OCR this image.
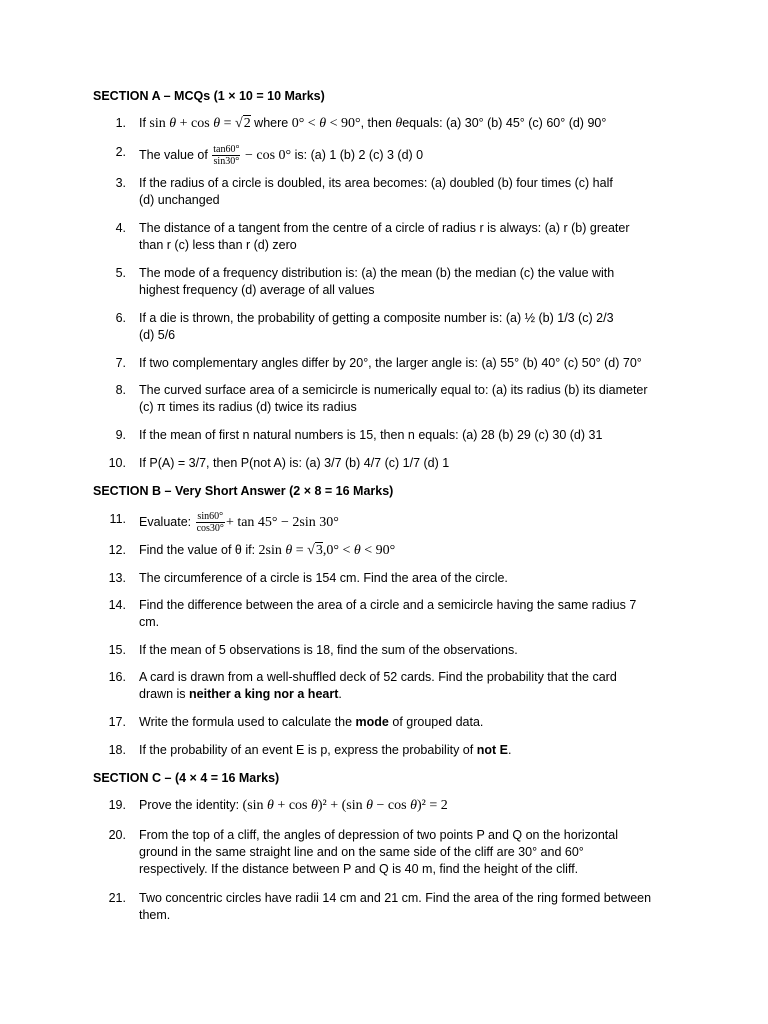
SECTION A – MCQs (1 × 10 = 10 Marks)
1. If sin θ + cos θ = √2 where 0° < θ < 90°, then θequals: (a) 30° (b) 45° (c) 60° (d) 90°
2. The value of $\frac{\tan 60^\circ}{\sin 30^\circ} - \cos 0^\circ$ is: (a) 1 (b) 2 (c) 3 (d) 0
3. If the radius of a circle is doubled, its area becomes: (a) doubled (b) four times (c) half
(d) unchanged
4. The distance of a tangent from the centre of a circle of radius r is always: (a) r (b) greater
than r (c) less than r (d) zero
5. The mode of a frequency distribution is: (a) the mean (b) the median (c) the value with
highest frequency (d) average of all values
6. If a die is thrown, the probability of getting a composite number is: (a) ½ (b) 1/3 (c) 2/3
(d) 5/6
7. If two complementary angles differ by 20°, the larger angle is: (a) 55° (b) 40° (c) 50° (d) 70°
8. The curved surface area of a semicircle is numerically equal to: (a) its radius (b) its diameter
(c) π times its radius (d) twice its radius
9. If the mean of first n natural numbers is 15, then n equals: (a) 28 (b) 29 (c) 30 (d) 31
10. If P(A) = 3/7, then P(not A) is: (a) 3/7 (b) 4/7 (c) 1/7 (d) 1
SECTION B – Very Short Answer (2 × 8 = 16 Marks)
11. Evaluate: $\frac{\sin 60^\circ}{\cos 30^\circ} + \tan 45^\circ - 2\sin$ 30°
12. Find the value of θ if: 2sin θ = √3,0° < θ < 90°
13. The circumference of a circle is 154 cm. Find the area of the circle.
14. Find the difference between the area of a circle and a semicircle having the same radius 7
cm.
15. If the mean of 5 observations is 18, find the sum of the observations.
16. A card is drawn from a well-shuffled deck of 52 cards. Find the probability that the card
drawn is neither a king nor a heart.
17. Write the formula used to calculate the mode of grouped data.
18. If the probability of an event E is p, express the probability of not E.
SECTION C – (4 × 4 = 16 Marks)
19. Prove the identity: (sin θ + cos θ)² + (sin θ − cos θ)² = 2
20. From the top of a cliff, the angles of depression of two points P and Q on the horizontal
ground in the same straight line and on the same side of the cliff are 30° and 60°
respectively. If the distance between P and Q is 40 m, find the height of the cliff.
21. Two concentric circles have radii 14 cm and 21 cm. Find the area of the ring formed between
them.
